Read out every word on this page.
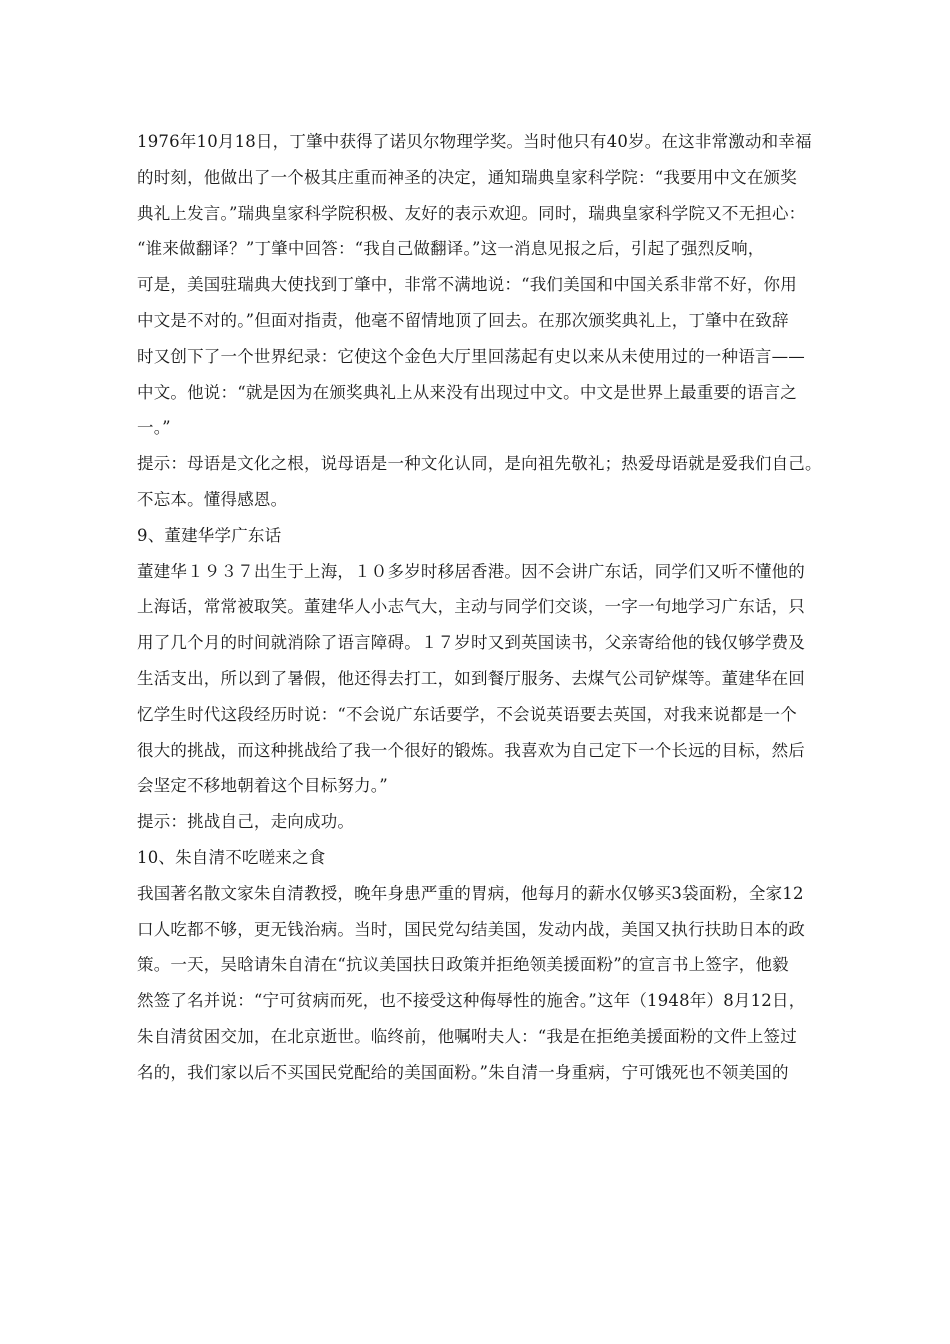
1976年10月18日，丁肇中获得了诺贝尔物理学奖。当时他只有40岁。在这非常激动和幸福
的时刻，他做出了一个极其庄重而神圣的决定，通知瑞典皇家科学院：“我要用中文在颁奖
典礼上发言。”瑞典皇家科学院积极、友好的表示欢迎。同时，瑞典皇家科学院又不无担心：
“谁来做翻译？”丁肇中回答：“我自己做翻译。”这一消息见报之后，引起了强烈反响，
可是，美国驻瑞典大使找到丁肇中，非常不满地说：“我们美国和中国关系非常不好，你用
中文是不对的。”但面对指责，他毫不留情地顶了回去。在那次颁奖典礼上，丁肇中在致辞
时又创下了一个世界纪录：它使这个金色大厅里回荡起有史以来从未使用过的一种语言——
中文。他说：“就是因为在颁奖典礼上从来没有出现过中文。中文是世界上最重要的语言之
一。”
提示：母语是文化之根，说母语是一种文化认同，是向祖先敬礼；热爱母语就是爱我们自己。
不忘本。懂得感恩。
9、董建华学广东话
董建华１９３７出生于上海，１０多岁时移居香港。因不会讲广东话，同学们又听不懂他的
上海话，常常被取笑。董建华人小志气大，主动与同学们交谈，一字一句地学习广东话，只
用了几个月的时间就消除了语言障碍。１７岁时又到英国读书，父亲寄给他的钱仅够学费及
生活支出，所以到了暑假，他还得去打工，如到餐厅服务、去煤气公司铲煤等。董建华在回
忆学生时代这段经历时说：“不会说广东话要学，不会说英语要去英国，对我来说都是一个
很大的挑战，而这种挑战给了我一个很好的锻炼。我喜欢为自己定下一个长远的目标，然后
会坚定不移地朝着这个目标努力。”
提示：挑战自己，走向成功。
10、朱自清不吃嗟来之食
我国著名散文家朱自清教授，晚年身患严重的胃病，他每月的薪水仅够买3袋面粉，全家12
口人吃都不够，更无钱治病。当时，国民党勾结美国，发动内战，美国又执行扶助日本的政
策。一天，吴晗请朱自清在“抗议美国扶日政策并拒绝领美援面粉”的宣言书上签字，他毅
然签了名并说：“宁可贫病而死，也不接受这种侮辱性的施舍。”这年（1948年）8月12日，
朱自清贫困交加，在北京逝世。临终前，他嘱咐夫人：“我是在拒绝美援面粉的文件上签过
名的，我们家以后不买国民党配给的美国面粉。”朱自清一身重病，宁可饿死也不领美国的
